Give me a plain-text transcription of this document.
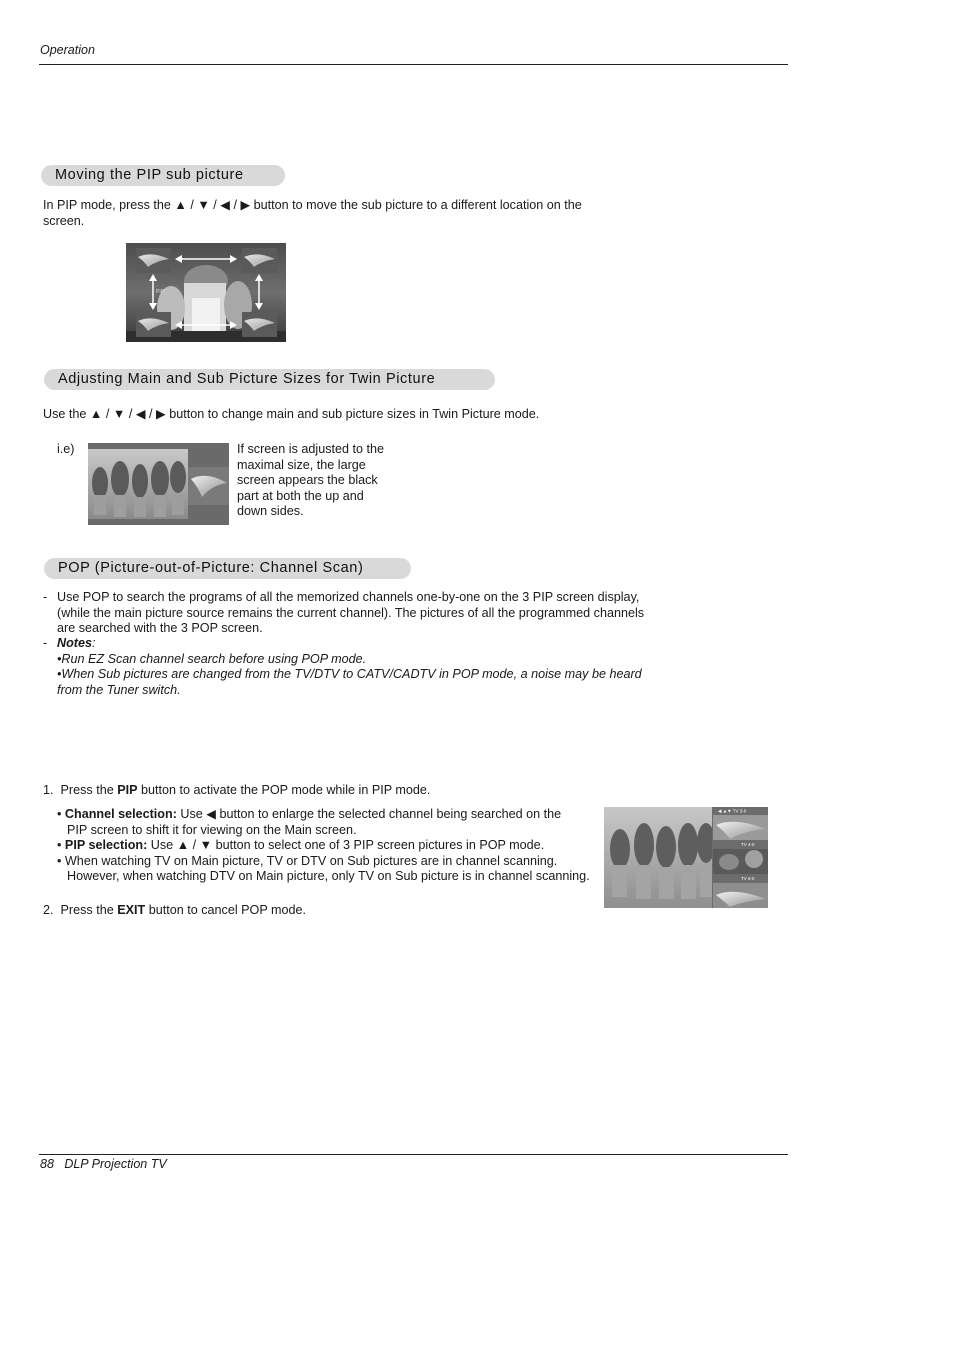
Operation
Moving the PIP sub picture
In PIP mode, press the ▲ / ▼ / ◀ / ▶ button to move the sub picture to a different location on the
screen.
PIP
Adjusting Main and Sub Picture Sizes for Twin Picture
Use the ▲ / ▼ / ◀ / ▶ button to change main and sub picture sizes in Twin Picture mode.
i.e)	If screen is adjusted to the
maximal size, the large
screen appears the black
part at both the up and
down sides.
POP (Picture-out-of-Picture: Channel Scan)
- Use POP to search the programs of all the memorized channels one-by-one on the 3 PIP screen display,
(while the main picture source remains the current channel). The pictures of all the programmed channels
are searched with the 3 POP screen.
- Notes:
•Run EZ Scan channel search before using POP mode.
•When Sub pictures are changed from the TV/DTV to CATV/CADTV in POP mode, a noise may be heard
from the Tuner switch.
1. Press the PIP button to activate the POP mode while in PIP mode.
• Channel selection: Use ◀ button to enlarge the selected channel being searched on the
PIP screen to shift it for viewing on the Main screen.
• PIP selection: Use ▲ / ▼ button to select one of 3 PIP screen pictures in POP mode.
• When watching TV on Main picture, TV or DTV on Sub pictures are in channel scanning.
However, when watching DTV on Main picture, only TV on Sub picture is in channel scanning.
2. Press the EXIT button to cancel POP mode.
◀ ▲▼ TV 3-0
TV 4-0
TV 6-0
88 DLP Projection TV
